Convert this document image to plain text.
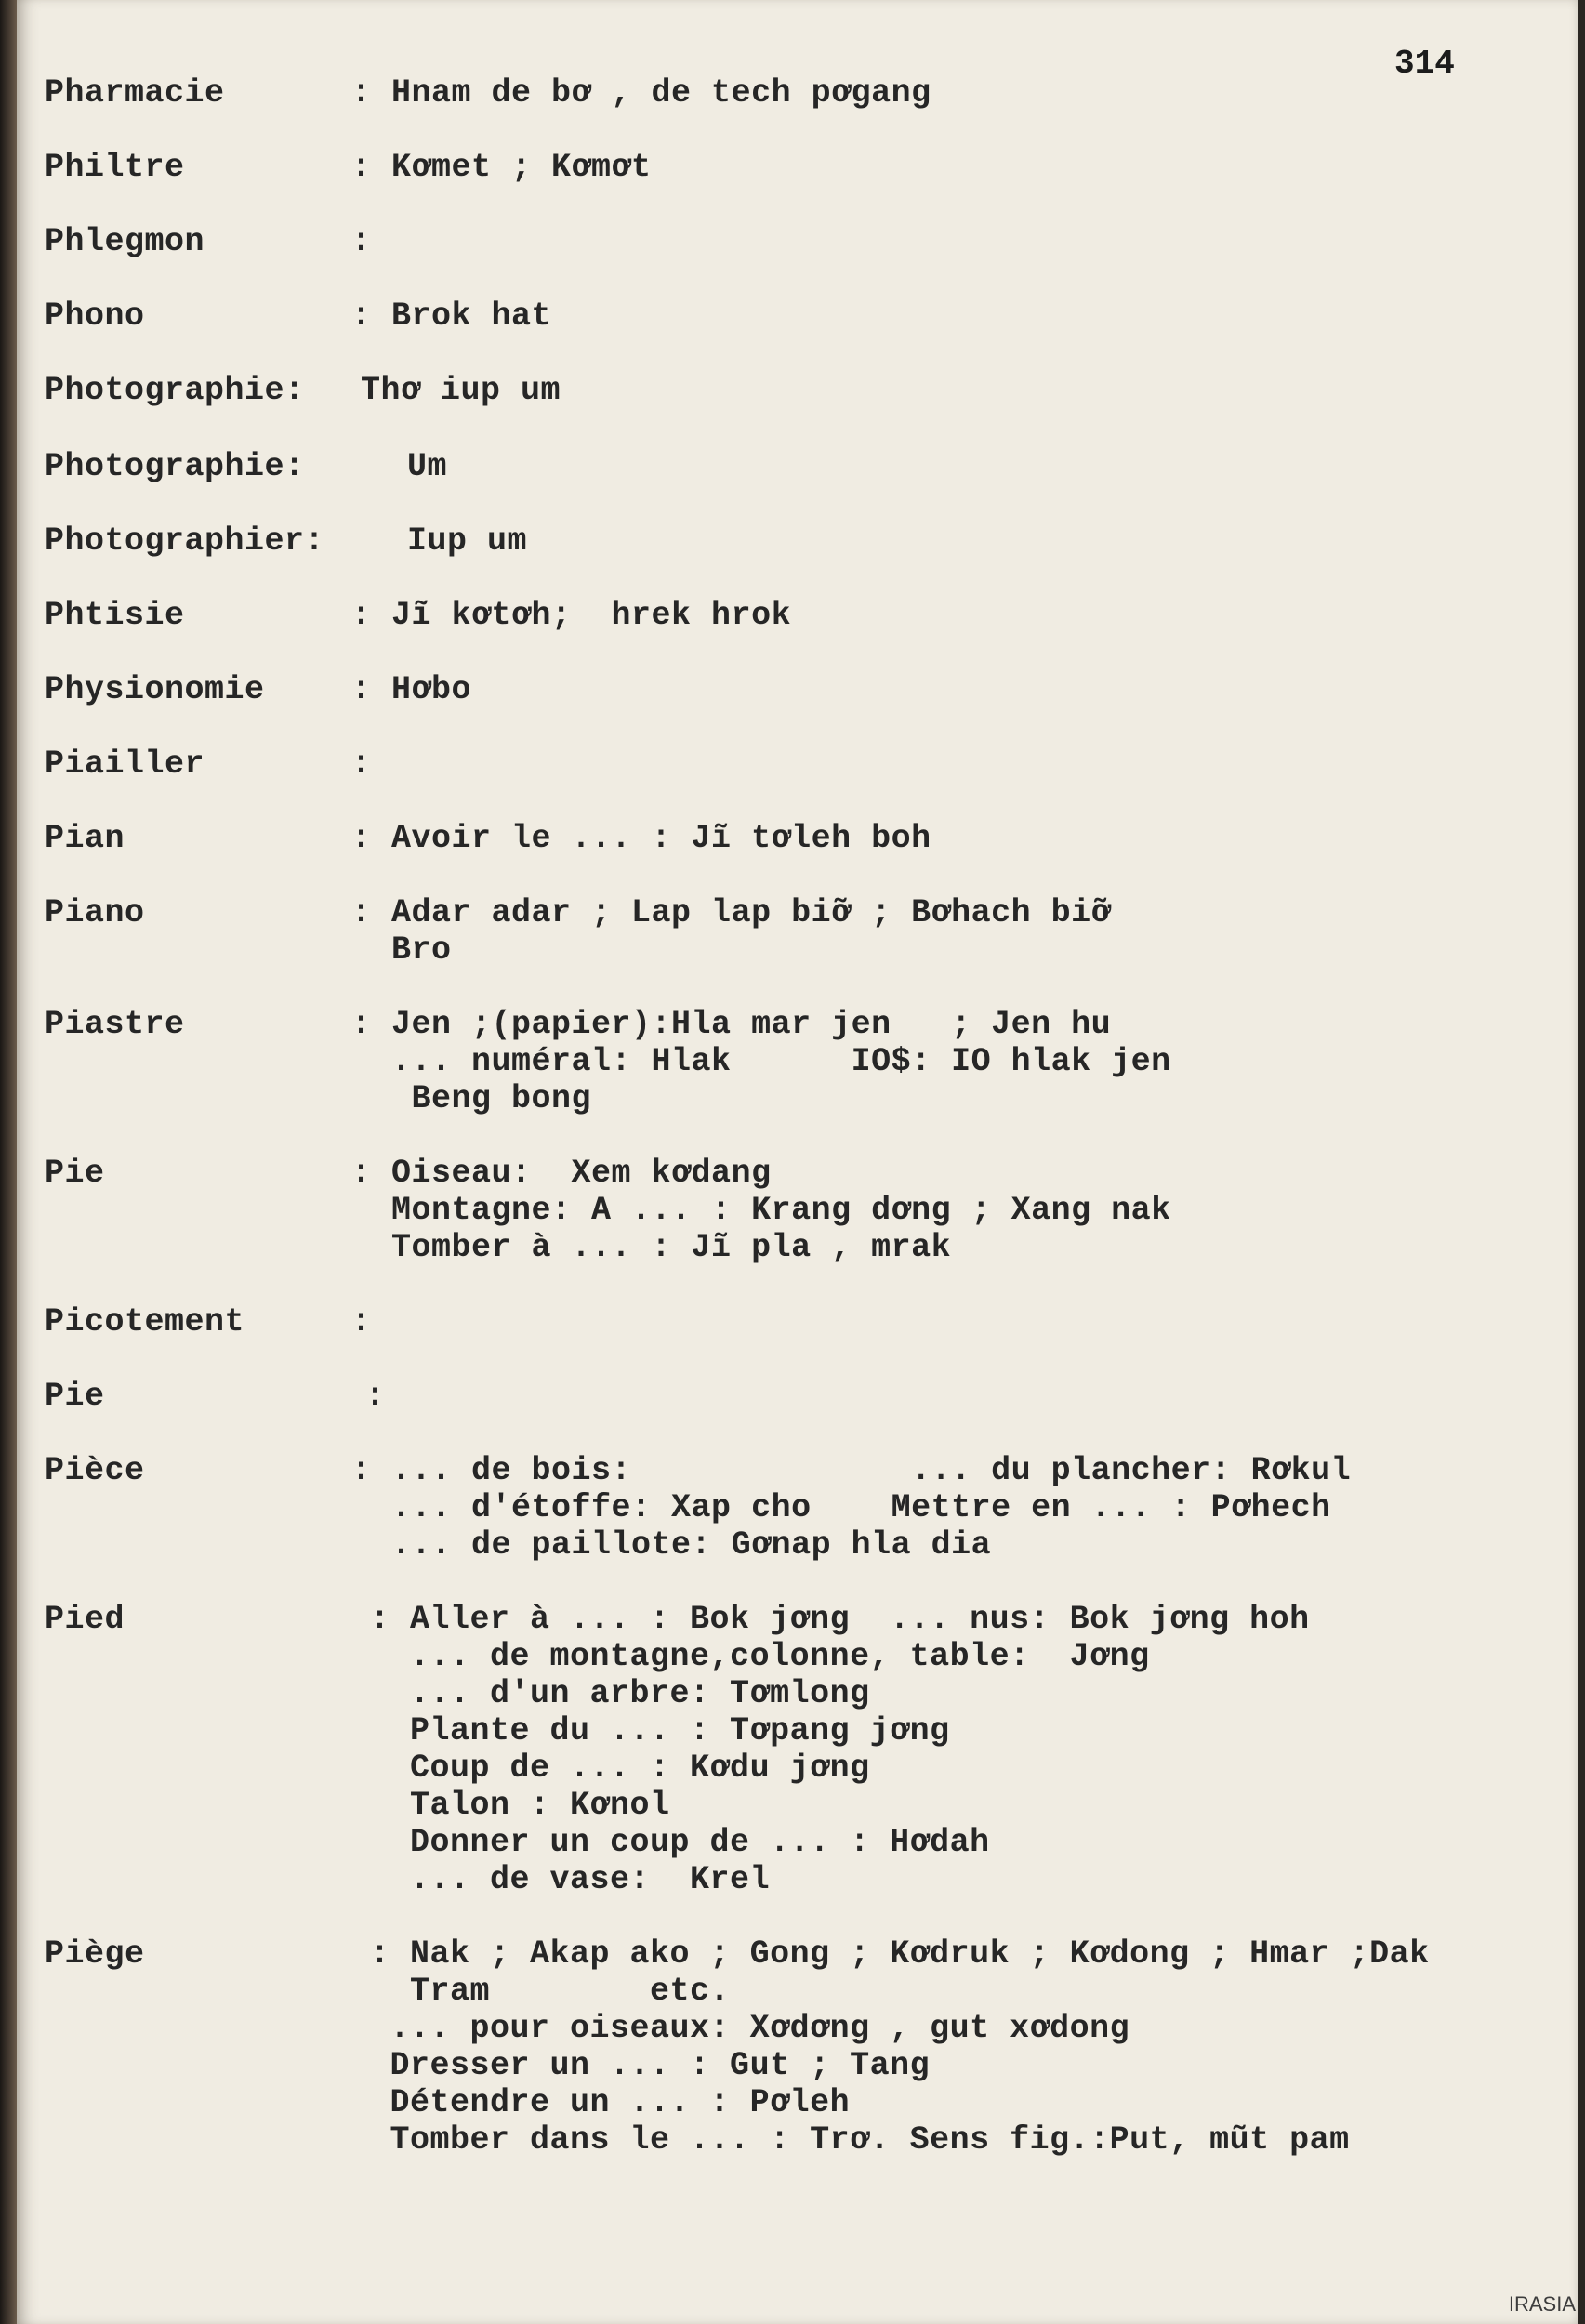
314
Pharmacie	: Hnam de bơ , de tech pơgang
Philtre	: Kơmet ; Kơmơt
Phlegmon	:
Phono	: Brok hat
Photographie: Thơ iup um
Photographie:	Um
Photographier:	Iup um
Phtisie	: Jĩ kơtơh;  hrek hrok
Physionomie	: Hơbo
Piailler	:
Pian	: Avoir le ... : Jĩ tơleh boh
Piano	: Adar adar ; Lap lap biỡ ; Bơhach biỡ
Bro
Piastre	: Jen ;(papier):Hla mar jen   ; Jen hu
... numéral: Hlak      IO$: IO hlak jen
Beng bong
Pie	: Oiseau:  Xem kơdang
Montagne: A ... : Krang dơng ; Xang nak
Tomber à ... : Jĩ pla , mrak
Picotement	:
Pie	:
Pièce	: ... de bois:              ... du plancher: Rơkul
... d'étoffe: Xap cho    Mettre en ... : Pơhech
... de paillote: Gơnap hla dia
Pied	: Aller à ... : Bok jơng  ... nus: Bok jơng hoh
... de montagne,colonne, table:  Jơng
... d'un arbre: Tơmlong
Plante du ... : Tơpang jơng
Coup de ... : Kơdu jơng
Talon : Kơnol
Donner un coup de ... : Hơdah
... de vase:  Krel
Piège	: Nak ; Akap ako ; Gong ; Kơdruk ; Kơdong ; Hmar ;Dak
Tram        etc.
... pour oiseaux: Xơdơng , gut xơdong
Dresser un ... : Gut ; Tang
Détendre un ... : Pơleh
Tomber dans le ... : Trơ. Sens fig.:Put, mũt pam
IRASIA
